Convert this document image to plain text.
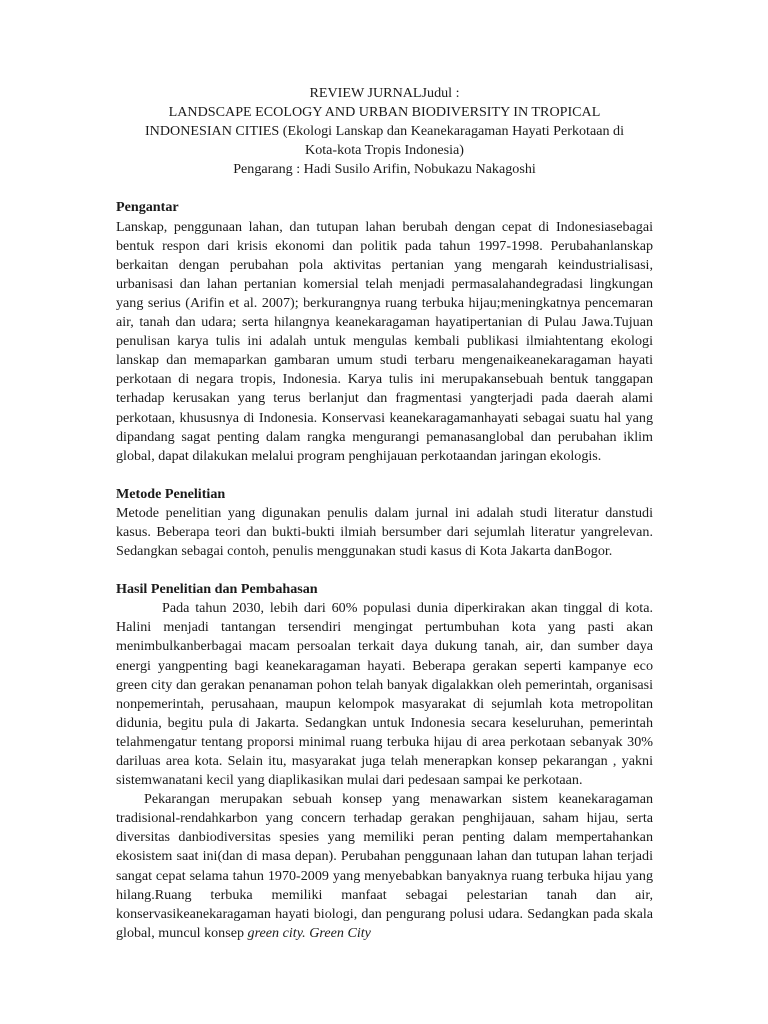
REVIEW JURNALJudul :
LANDSCAPE ECOLOGY AND URBAN BIODIVERSITY IN TROPICAL
INDONESIAN CITIES (Ekologi Lanskap dan Keanekaragaman Hayati Perkotaan di
Kota-kota Tropis Indonesia)
Pengarang : Hadi Susilo Arifin, Nobukazu Nakagoshi
Pengantar

Lanskap, penggunaan lahan, dan tutupan lahan berubah dengan cepat di Indonesiasebagai bentuk respon dari krisis ekonomi dan politik pada tahun 1997-1998. Perubahanlanskap berkaitan dengan perubahan pola aktivitas pertanian yang mengarah keindustrialisasi, urbanisasi dan lahan pertanian komersial telah menjadi permasalahandegradasi lingkungan yang serius (Arifin et al. 2007); berkurangnya ruang terbuka hijau;meningkatnya pencemaran air, tanah dan udara; serta hilangnya keanekaragaman hayatipertanian di Pulau Jawa.Tujuan penulisan karya tulis ini adalah untuk mengulas kembali publikasi ilmiahtentang ekologi lanskap dan memaparkan gambaran umum studi terbaru mengenaikeanekaragaman hayati perkotaan di negara tropis, Indonesia. Karya tulis ini merupakansebuah bentuk tanggapan terhadap kerusakan yang terus berlanjut dan fragmentasi yangterjadi pada daerah alami perkotaan, khususnya di Indonesia. Konservasi keanekaragamanhayati sebagai suatu hal yang dipandang sagat penting dalam rangka mengurangi pemanasanglobal dan perubahan iklim global, dapat dilakukan melalui program penghijauan perkotaandan jaringan ekologis.

Metode Penelitian

Metode penelitian yang digunakan penulis dalam jurnal ini adalah studi literatur danstudi kasus. Beberapa teori dan bukti-bukti ilmiah bersumber dari sejumlah literatur yangrelevan. Sedangkan sebagai contoh, penulis menggunakan studi kasus di Kota Jakarta danBogor.

Hasil Penelitian dan Pembahasan

Pada tahun 2030, lebih dari 60% populasi dunia diperkirakan akan tinggal di kota. Halini menjadi tantangan tersendiri mengingat pertumbuhan kota yang pasti akan menimbulkanberbagai macam persoalan terkait daya dukung tanah, air, dan sumber daya energi yangpenting bagi keanekaragaman hayati. Beberapa gerakan seperti kampanye eco green city dan gerakan penanaman pohon telah banyak digalakkan oleh pemerintah, organisasi nonpemerintah, perusahaan, maupun kelompok masyarakat di sejumlah kota metropolitan didunia, begitu pula di Jakarta. Sedangkan untuk Indonesia secara keseluruhan, pemerintah telahmengatur tentang proporsi minimal ruang terbuka hijau di area perkotaan sebanyak 30% dariluas area kota. Selain itu, masyarakat juga telah menerapkan konsep pekarangan , yakni sistemwanatani kecil yang diaplikasikan mulai dari pedesaan sampai ke perkotaan.

Pekarangan merupakan sebuah konsep yang menawarkan sistem keanekaragaman tradisional-rendahkarbon yang concern terhadap gerakan penghijauan, saham hijau, serta diversitas danbiodiversitas spesies yang memiliki peran penting dalam mempertahankan ekosistem saat ini(dan di masa depan). Perubahan penggunaan lahan dan tutupan lahan terjadi sangat cepat selama tahun 1970-2009 yang menyebabkan banyaknya ruang terbuka hijau yang hilang.Ruang terbuka memiliki manfaat sebagai pelestarian tanah dan air, konservasikeanekaragaman hayati biologi, dan pengurang polusi udara. Sedangkan pada skala global, muncul konsep green city. Green City
